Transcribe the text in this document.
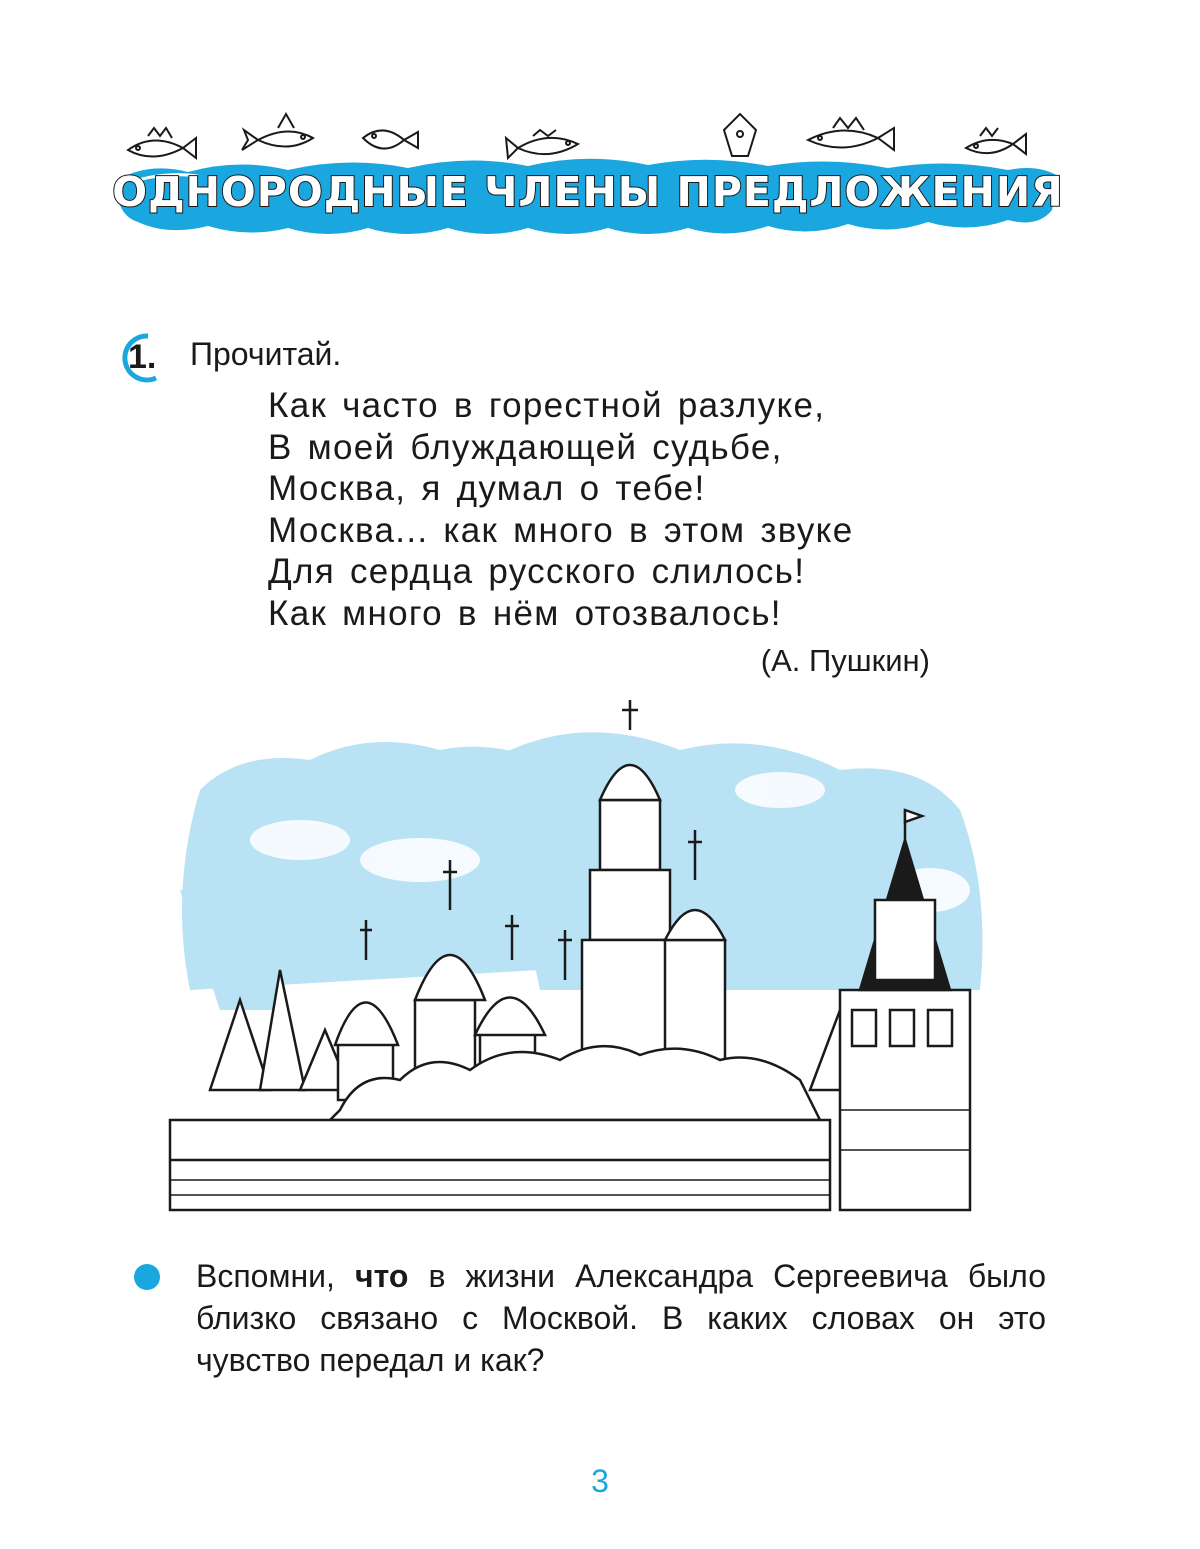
ОДНОРОДНЫЕ ЧЛЕНЫ ПРЕДЛОЖЕНИЯ
1. Прочитай.
Как часто в горестной разлуке,
В моей блуждающей судьбе,
Москва, я думал о тебе!
Москва... как много в этом звуке
Для сердца русского слилось!
Как много в нём отозвалось!
(А. Пушкин)
Вспомни, что в жизни Александра Сергеевича было близко связано с Москвой. В каких словах он это чувство передал и как?
3
